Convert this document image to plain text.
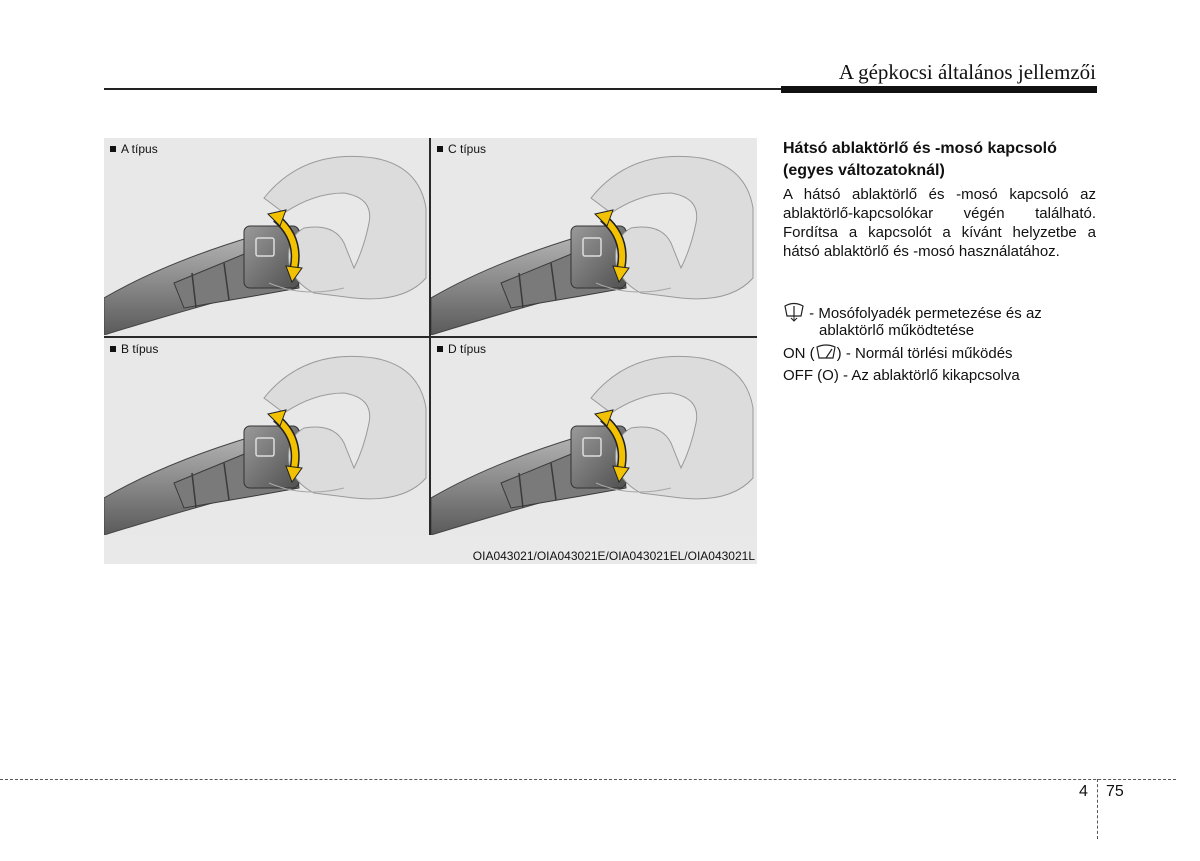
A gépkocsi általános jellemzői
A típus	C típus
B típus	D típus
OIA043021/OIA043021E/OIA043021EL/OIA043021L
Hátsó ablaktörlő és -mosó kapcsoló (egyes változatoknál)
A hátsó ablaktörlő és -mosó kapcsoló az ablaktörlő-kapcsolókar végén található. Fordítsa a kapcsolót a kívánt helyzetbe a hátsó ablaktörlő és -mosó használatához.
- Mosófolyadék permetezése és az
ablaktörlő működtetése
ON ( ) - Normál törlési működés
OFF (O) - Az ablaktörlő kikapcsolva
4 75
